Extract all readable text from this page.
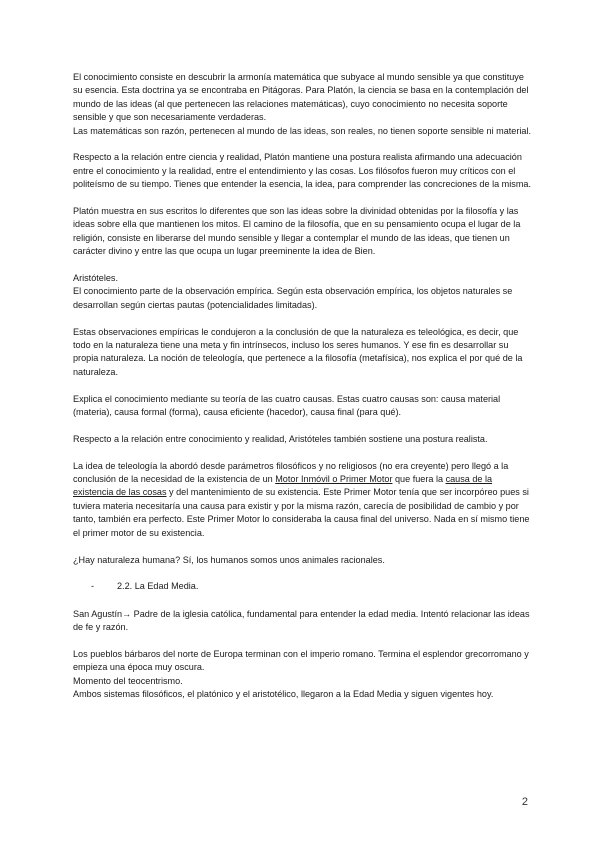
El conocimiento consiste en descubrir la armonía matemática que subyace al mundo sensible ya que constituye su esencia. Esta doctrina ya se encontraba en Pitágoras. Para Platón, la ciencia se basa en la contemplación del mundo de las ideas (al que pertenecen las relaciones matemáticas), cuyo conocimiento no necesita soporte sensible y que son necesariamente verdaderas.

Las matemáticas son razón, pertenecen al mundo de las ideas, son reales, no tienen soporte sensible ni material.

Respecto a la relación entre ciencia y realidad, Platón mantiene una postura realista afirmando una adecuación entre el conocimiento y la realidad, entre el entendimiento y las cosas. Los filósofos fueron muy críticos con el politeísmo de su tiempo. Tienes que entender la esencia, la idea, para comprender las concreciones de la misma.

Platón muestra en sus escritos lo diferentes que son las ideas sobre la divinidad obtenidas por la filosofía y las ideas sobre ella que mantienen los mitos. El camino de la filosofía, que en su pensamiento ocupa el lugar de la religión, consiste en liberarse del mundo sensible y llegar a contemplar el mundo de las ideas, que tienen un carácter divino y entre las que ocupa un lugar preeminente la idea de Bien.

Aristóteles.

El conocimiento parte de la observación empírica. Según esta observación empírica, los objetos naturales se desarrollan según ciertas pautas (potencialidades limitadas).

Estas observaciones empíricas le condujeron a la conclusión de que la naturaleza es teleológica, es decir, que todo en la naturaleza tiene una meta y fin intrínsecos, incluso los seres humanos. Y ese fin es desarrollar su propia naturaleza. La noción de teleología, que pertenece a la filosofía (metafísica), nos explica el por qué de la naturaleza.

Explica el conocimiento mediante su teoría de las cuatro causas. Estas cuatro causas son: causa material (materia), causa formal (forma), causa eficiente (hacedor), causa final (para qué).

Respecto a la relación entre conocimiento y realidad, Aristóteles también sostiene una postura realista.

La idea de teleología la abordó desde parámetros filosóficos y no religiosos (no era creyente) pero llegó a la conclusión de la necesidad de la existencia de un Motor Inmóvil o Primer Motor que fuera la causa de la existencia de las cosas y del mantenimiento de su existencia. Este Primer Motor tenía que ser incorpóreo pues si tuviera materia necesitaría una causa para existir y por la misma razón, carecía de posibilidad de cambio y por tanto, también era perfecto. Este Primer Motor lo consideraba la causa final del universo. Nada en sí mismo tiene el primer motor de su existencia.

¿Hay naturaleza humana? Sí, los humanos somos unos animales racionales.

-	2.2. La Edad Media.

San Agustín→ Padre de la iglesia católica, fundamental para entender la edad media. Intentó relacionar las ideas de fe y razón.

Los pueblos bárbaros del norte de Europa terminan con el imperio romano. Termina el esplendor grecorromano y empieza una época muy oscura.

Momento del teocentrismo.

Ambos sistemas filosóficos, el platónico y el aristotélico, llegaron a la Edad Media y siguen vigentes hoy.

2
